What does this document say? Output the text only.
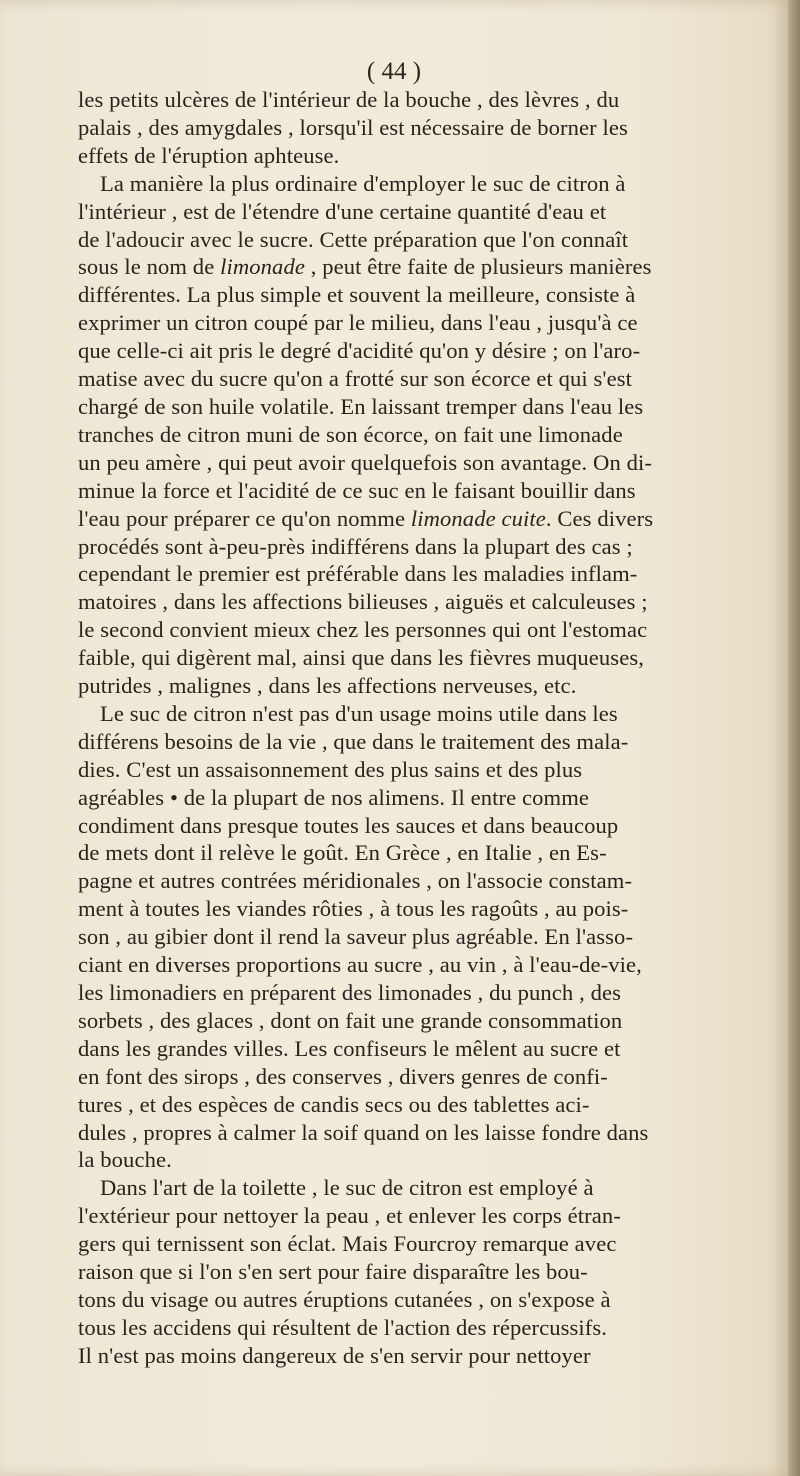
( 44 )
les petits ulcères de l'intérieur de la bouche , des lèvres , du
palais , des amygdales , lorsqu'il est nécessaire de borner les
effets de l'éruption aphteuse.
La manière la plus ordinaire d'employer le suc de citron à
l'intérieur , est de l'étendre d'une certaine quantité d'eau et
de l'adoucir avec le sucre. Cette préparation que l'on connaît
sous le nom de limonade , peut être faite de plusieurs manières
différentes. La plus simple et souvent la meilleure, consiste à
exprimer un citron coupé par le milieu, dans l'eau , jusqu'à ce
que celle-ci ait pris le degré d'acidité qu'on y désire ; on l'aro-
matise avec du sucre qu'on a frotté sur son écorce et qui s'est
chargé de son huile volatile. En laissant tremper dans l'eau les
tranches de citron muni de son écorce, on fait une limonade
un peu amère , qui peut avoir quelquefois son avantage. On di-
minue la force et l'acidité de ce suc en le faisant bouillir dans
l'eau pour préparer ce qu'on nomme limonade cuite. Ces divers
procédés sont à-peu-près indifférens dans la plupart des cas ;
cependant le premier est préférable dans les maladies inflam-
matoires , dans les affections bilieuses , aiguës et calculeuses ;
le second convient mieux chez les personnes qui ont l'estomac
faible, qui digèrent mal, ainsi que dans les fièvres muqueuses,
putrides , malignes , dans les affections nerveuses, etc.
Le suc de citron n'est pas d'un usage moins utile dans les
différens besoins de la vie , que dans le traitement des mala-
dies. C'est un assaisonnement des plus sains et des plus
agréables • de la plupart de nos alimens. Il entre comme
condiment dans presque toutes les sauces et dans beaucoup
de mets dont il relève le goût. En Grèce , en Italie , en Es-
pagne et autres contrées méridionales , on l'associe constam-
ment à toutes les viandes rôties , à tous les ragoûts , au pois-
son , au gibier dont il rend la saveur plus agréable. En l'asso-
ciant en diverses proportions au sucre , au vin , à l'eau-de-vie,
les limonadiers en préparent des limonades , du punch , des
sorbets , des glaces , dont on fait une grande consommation
dans les grandes villes. Les confiseurs le mêlent au sucre et
en font des sirops , des conserves , divers genres de confi-
tures , et des espèces de candis secs ou des tablettes aci-
dules , propres à calmer la soif quand on les laisse fondre dans
la bouche.
Dans l'art de la toilette , le suc de citron est employé à
l'extérieur pour nettoyer la peau , et enlever les corps étran-
gers qui ternissent son éclat. Mais Fourcroy remarque avec
raison que si l'on s'en sert pour faire disparaître les bou-
tons du visage ou autres éruptions cutanées , on s'expose à
tous les accidens qui résultent de l'action des répercussifs.
Il n'est pas moins dangereux de s'en servir pour nettoyer
